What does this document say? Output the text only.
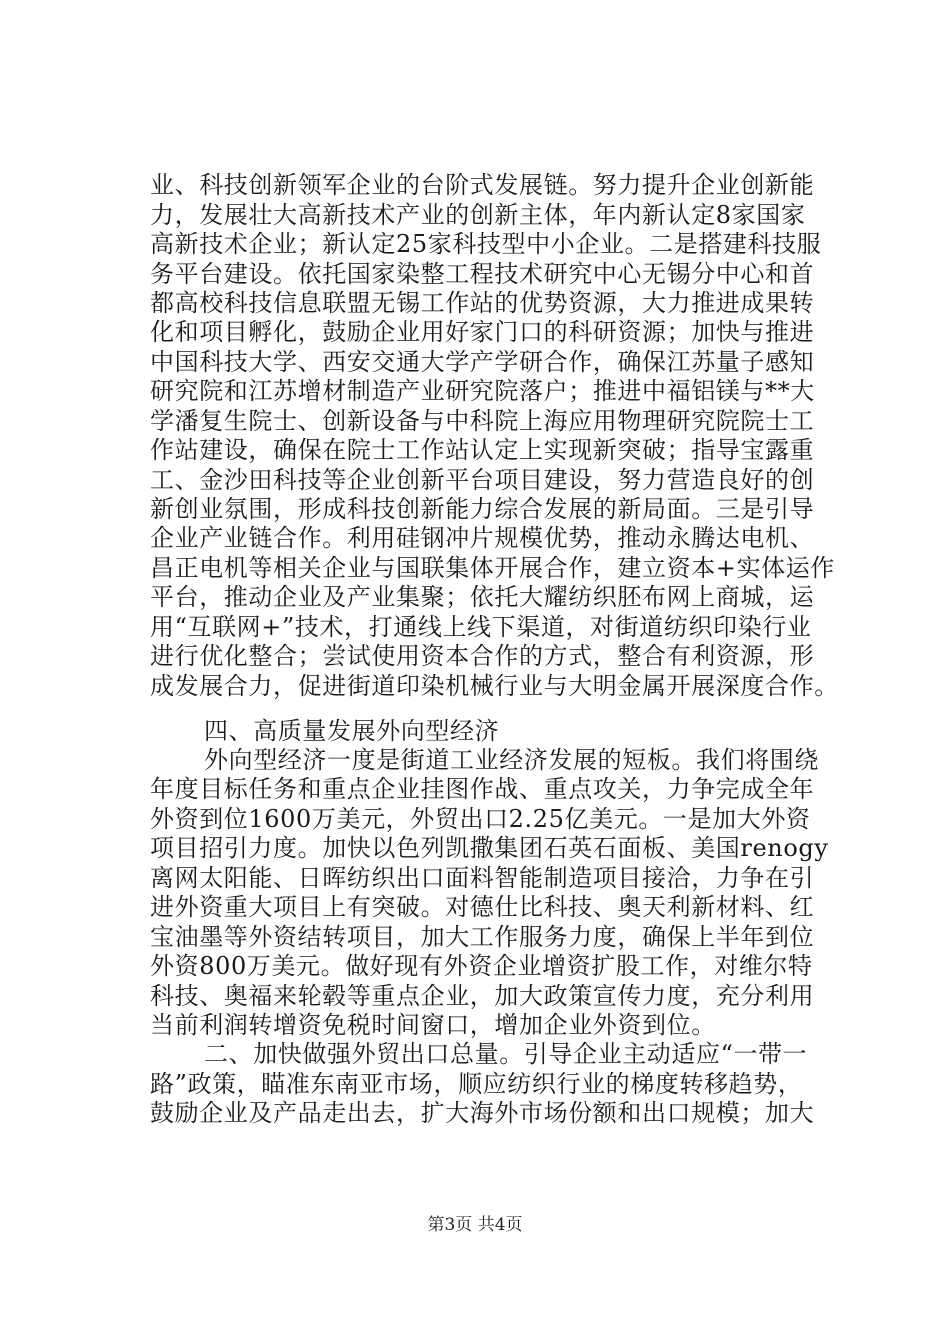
业、科技创新领军企业的台阶式发展链。努力提升企业创新能
力，发展壮大高新技术产业的创新主体，年内新认定8家国家
高新技术企业；新认定25家科技型中小企业。二是搭建科技服
务平台建设。依托国家染整工程技术研究中心无锡分中心和首
都高校科技信息联盟无锡工作站的优势资源，大力推进成果转
化和项目孵化，鼓励企业用好家门口的科研资源；加快与推进
中国科技大学、西安交通大学产学研合作，确保江苏量子感知
研究院和江苏增材制造产业研究院落户；推进中福铝镁与**大
学潘复生院士、创新设备与中科院上海应用物理研究院院士工
作站建设，确保在院士工作站认定上实现新突破；指导宝露重
工、金沙田科技等企业创新平台项目建设，努力营造良好的创
新创业氛围，形成科技创新能力综合发展的新局面。三是引导
企业产业链合作。利用硅钢冲片规模优势，推动永腾达电机、
昌正电机等相关企业与国联集体开展合作，建立资本+实体运作
平台，推动企业及产业集聚；依托大耀纺织胚布网上商城，运
用“互联网+”技术，打通线上线下渠道，对街道纺织印染行业
进行优化整合；尝试使用资本合作的方式，整合有利资源，形
成发展合力，促进街道印染机械行业与大明金属开展深度合作。
四、高质量发展外向型经济
外向型经济一度是街道工业经济发展的短板。我们将围绕
年度目标任务和重点企业挂图作战、重点攻关，力争完成全年
外资到位1600万美元，外贸出口2.25亿美元。一是加大外资
项目招引力度。加快以色列凯撒集团石英石面板、美国renogy
离网太阳能、日晖纺织出口面料智能制造项目接洽，力争在引
进外资重大项目上有突破。对德仕比科技、奥天利新材料、红
宝油墨等外资结转项目，加大工作服务力度，确保上半年到位
外资800万美元。做好现有外资企业增资扩股工作，对维尔特
科技、奥福来轮毂等重点企业，加大政策宣传力度，充分利用
当前利润转增资免税时间窗口，增加企业外资到位。
二、加快做强外贸出口总量。引导企业主动适应“一带一
路”政策，瞄准东南亚市场，顺应纺织行业的梯度转移趋势，
鼓励企业及产品走出去，扩大海外市场份额和出口规模；加大
第3页 共4页
